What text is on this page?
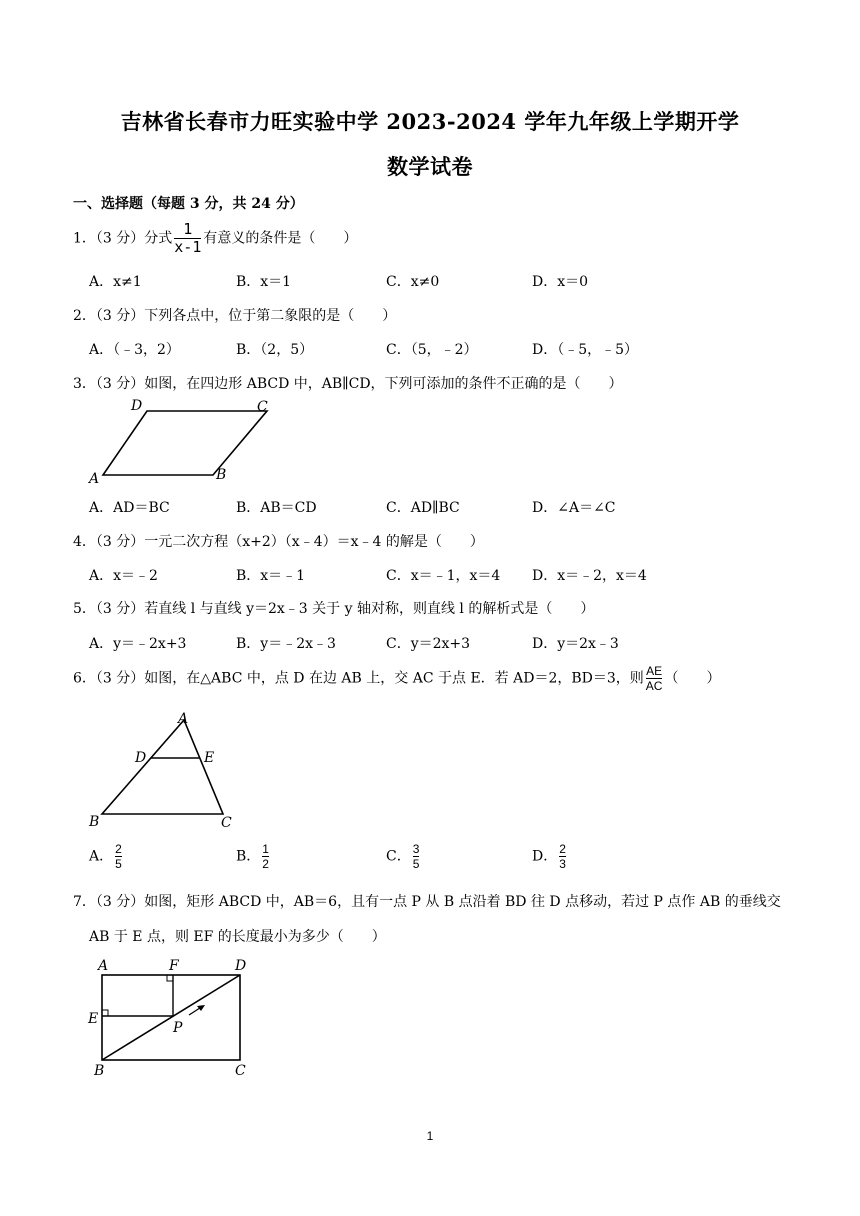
吉林省长春市力旺实验中学 2023-2024 学年九年级上学期开学
数学试卷
一、选择题（每题 3 分，共 24 分）
1．（3 分）分式 $\frac{1}{x-1}$ 有意义的条件是（　　）
A．x≠1	B．x＝1	C．x≠0	D．x＝0
2．（3 分）下列各点中，位于第二象限的是（　　）
A．（﹣3，2）	B．（2，5）	C．（5，﹣2）	D．（﹣5，﹣5）
3．（3 分）如图，在四边形 ABCD 中，AB∥CD，下列可添加的条件不正确的是（　　）
D	C
A	B
A．AD＝BC	B．AB＝CD	C．AD∥BC	D．∠A＝∠C
4．（3 分）一元二次方程（x+2）（x﹣4）＝x﹣4 的解是（　　）
A．x＝﹣2	B．x＝﹣1	C．x＝﹣1，x＝4 D．x＝﹣2，x＝4
5．（3 分）若直线 l 与直线 y＝2x﹣3 关于 y 轴对称，则直线 l 的解析式是（　　）
A．y＝﹣2x+3	B．y＝﹣2x﹣3	C．y＝2x+3	D．y＝2x﹣3
6．（3 分）如图，在△ABC 中，点 D 在边 AB 上，交 AC 于点 E．若 AD＝2，BD＝3，则 $\frac{AE}{AC}$ （　　）
A
D	E
B	C
A． $\frac{2}{5}$	B． $\frac{1}{2}$	C． $\frac{3}{5}$	D． $\frac{2}{3}$
7．（3 分）如图，矩形 ABCD 中，AB＝6，且有一点 P 从 B 点沿着 BD 往 D 点移动，若过 P 点作 AB 的垂线交
AB 于 E 点，则 EF 的长度最小为多少（　　）
A	F	D
E
P
B	C
1
